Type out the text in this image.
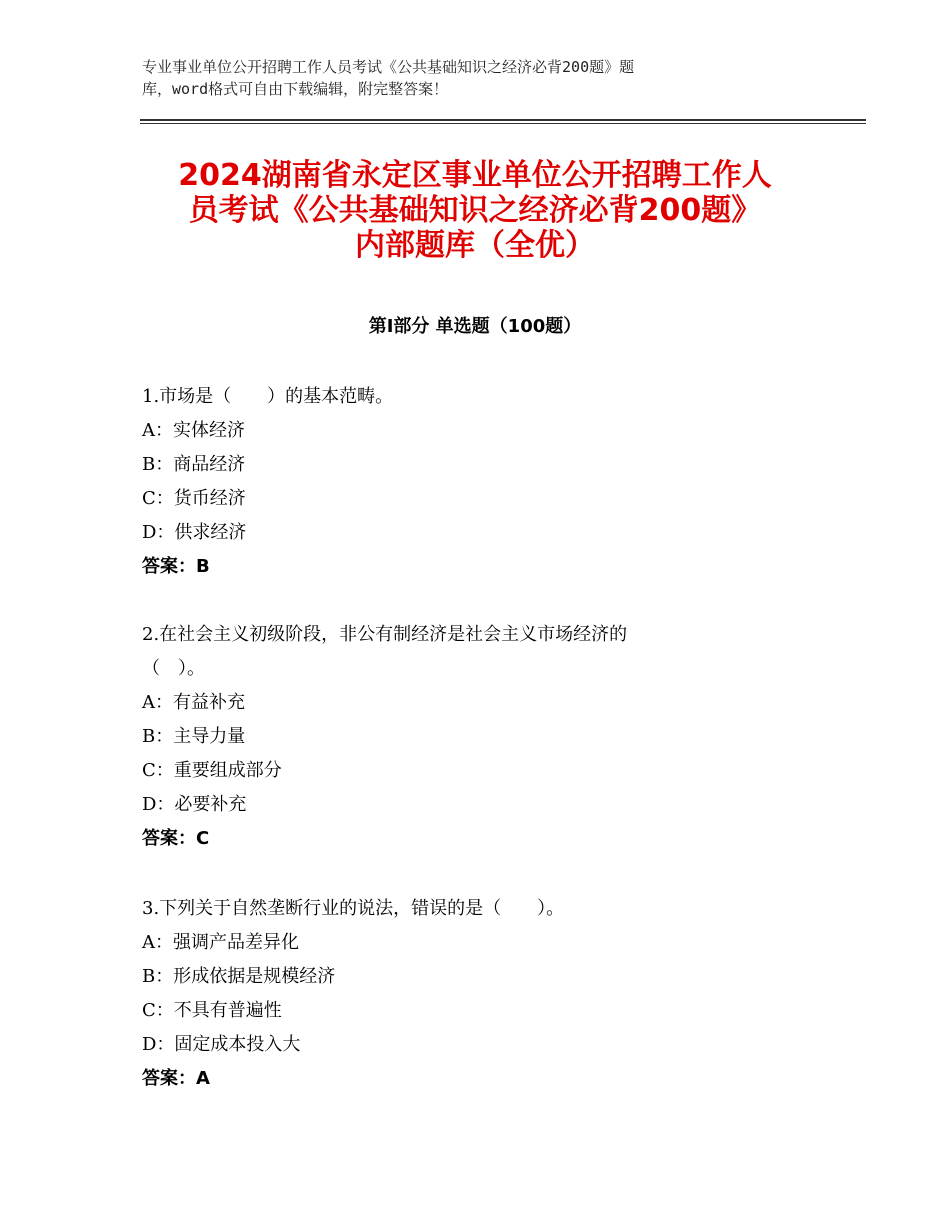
专业事业单位公开招聘工作人员考试《公共基础知识之经济必背200题》题
库，word格式可自由下载编辑，附完整答案！
2024湖南省永定区事业单位公开招聘工作人
员考试《公共基础知识之经济必背200题》
内部题库（全优）
第Ⅰ部分 单选题（100题）
1.市场是（　　）的基本范畴。
A：实体经济
B：商品经济
C：货币经济
D：供求经济
答案：B
2.在社会主义初级阶段，非公有制经济是社会主义市场经济的
（　）。
A：有益补充
B：主导力量
C：重要组成部分
D：必要补充
答案：C
3.下列关于自然垄断行业的说法，错误的是（　　）。
A：强调产品差异化
B：形成依据是规模经济
C：不具有普遍性
D：固定成本投入大
答案：A
